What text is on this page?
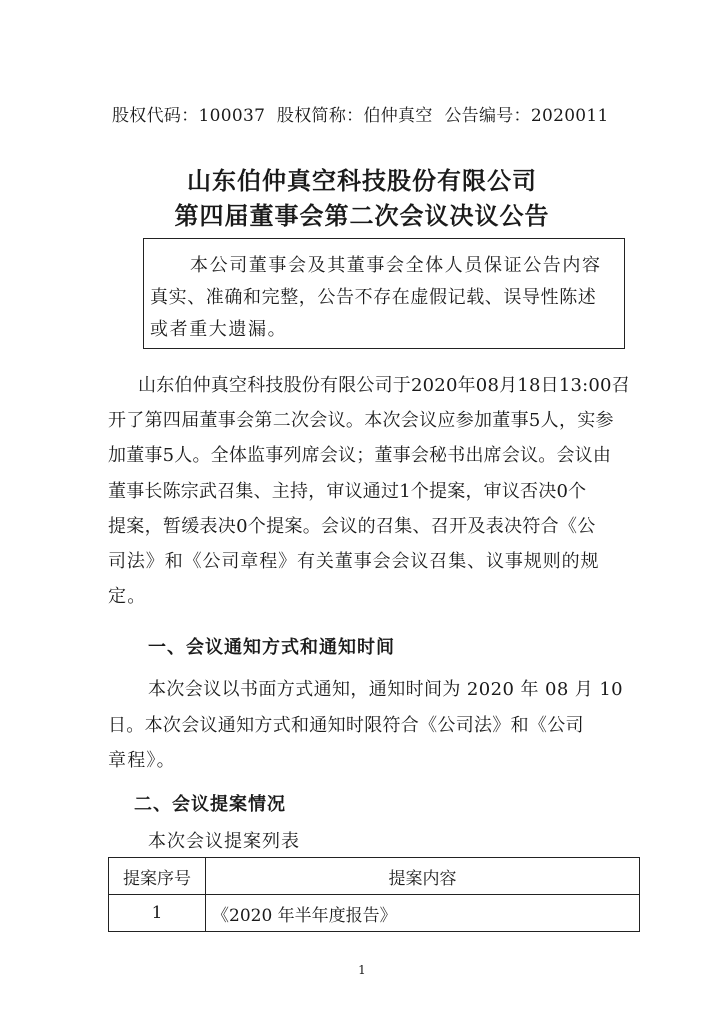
股权代码：100037 股权简称：伯仲真空 公告编号：2020011
山东伯仲真空科技股份有限公司
第四届董事会第二次会议决议公告
本公司董事会及其董事会全体人员保证公告内容
真实、准确和完整，公告不存在虚假记载、误导性陈述
或者重大遗漏。
山东伯仲真空科技股份有限公司于2020年08月18日13:00召
开了第四届董事会第二次会议。本次会议应参加董事5人，实参
加董事5人。全体监事列席会议；董事会秘书出席会议。会议由
董事长陈宗武召集、主持，审议通过1个提案，审议否决0个
提案，暂缓表决0个提案。会议的召集、召开及表决符合《公
司法》和《公司章程》有关董事会会议召集、议事规则的规
定。
一、会议通知方式和通知时间
本次会议以书面方式通知，通知时间为 2020 年 08 月 10
日。本次会议通知方式和通知时限符合《公司法》和《公司
章程》。
二、会议提案情况
本次会议提案列表
提案序号	提案内容
1	《2020 年半年度报告》
1
